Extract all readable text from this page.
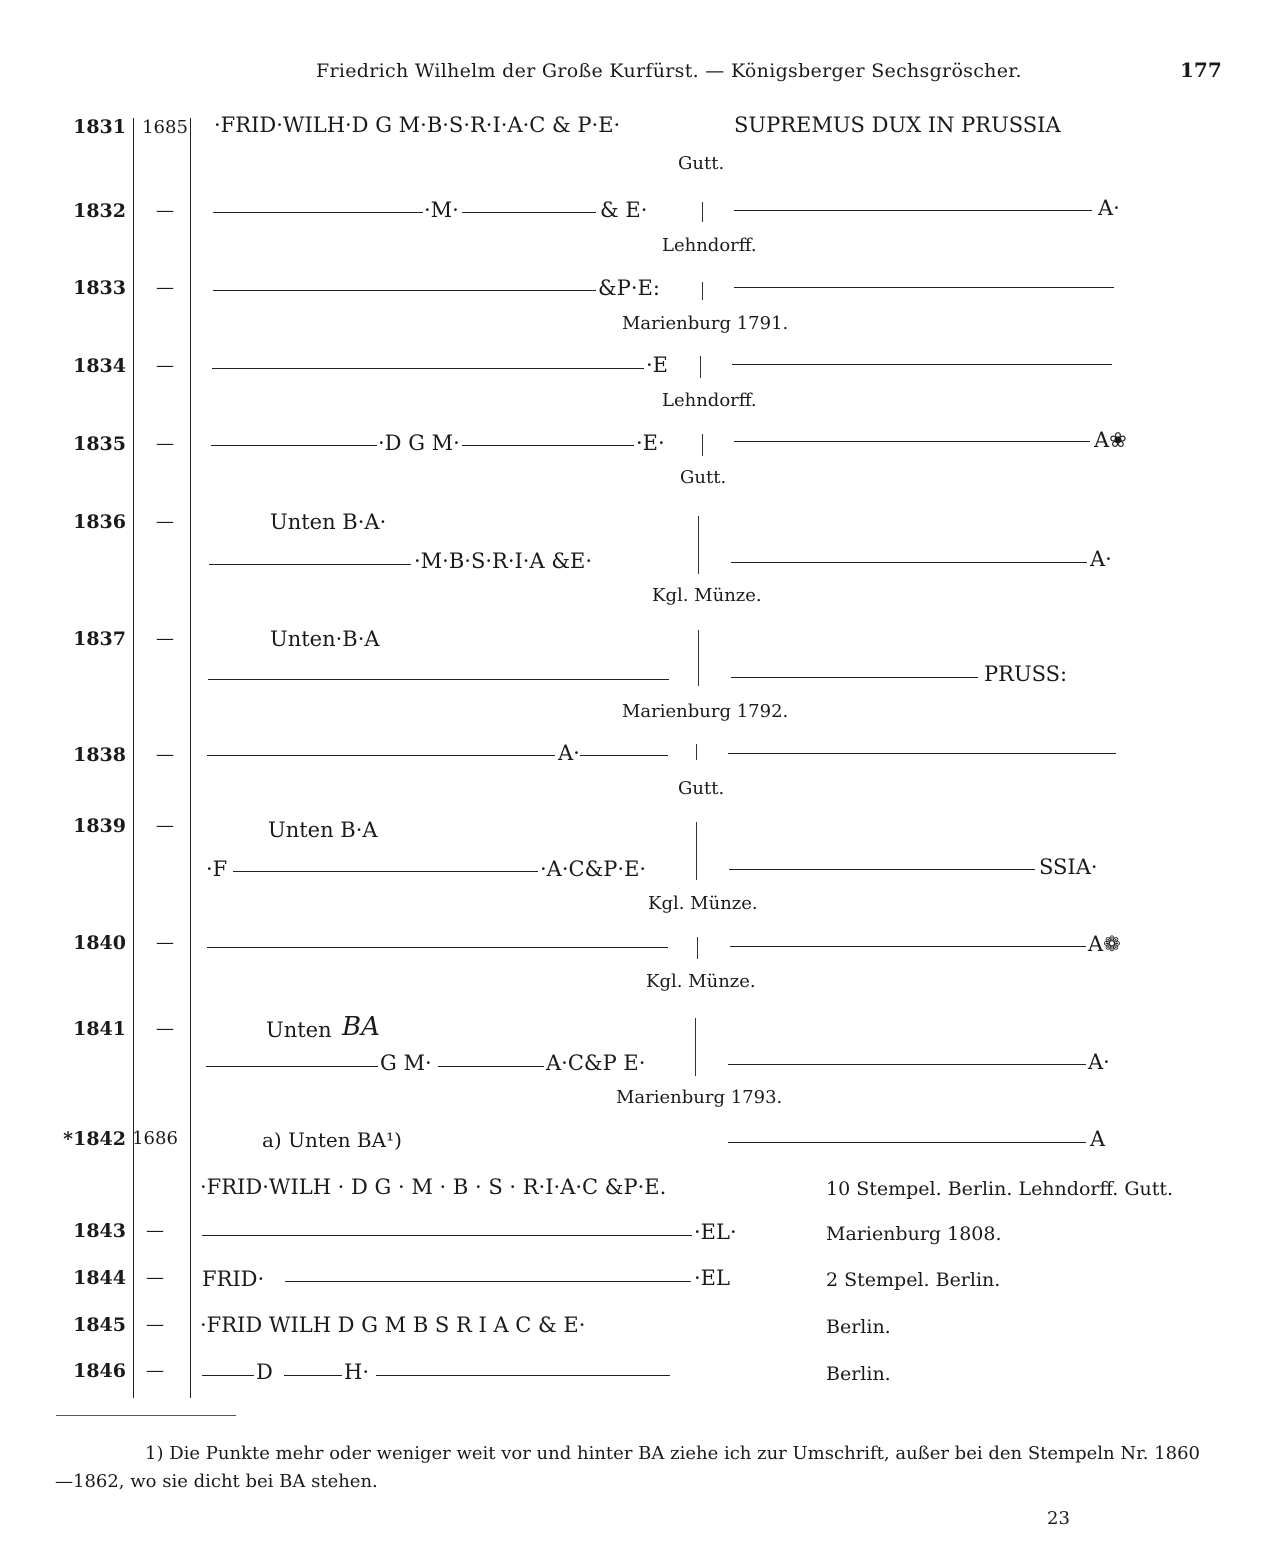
Friedrich Wilhelm der Große Kurfürst. — Königsberger Sechsgröscher.	177
1831 1685 ·FRID·WILH·D G M·B·S·R·I·A·C & P·E·	SUPREMUS DUX IN PRUSSIA
Gutt.
1832	—	·M·	& E·	A·
Lehndorff.
1833	—	&P·E:
Marienburg 1791.
1834	—	·E
Lehndorff.
1835	—	·D G M·	·E·	A❀
Gutt.
1836	—	Unten B·A·
·M·B·S·R·I·A &E·	A·
Kgl. Münze.
1837	—	Unten·B·A
PRUSS:
Marienburg 1792.
1838	—	A·
Gutt.
1839	—	Unten B·A
·F	·A·C&P·E·	SSIA·
Kgl. Münze.
1840	—	A❁
Kgl. Münze.
1841	—	Unten BA
G M·	A·C&P E·	A·
Marienburg 1793.
*1842 1686	a) Unten BA¹)	A
·FRID·WILH · D G · M · B · S · R·I·A·C &P·E.	10 Stempel. Berlin. Lehndorff. Gutt.
1843	—	·EL·	Marienburg 1808.
1844	—	FRID·	·EL	2 Stempel. Berlin.
1845	—	·FRID WILH D G M B S R I A C & E·	Berlin.
1846	—	D	H·	Berlin.
1) Die Punkte mehr oder weniger weit vor und hinter BA ziehe ich zur Umschrift, außer bei den Stempeln Nr. 1860—1862, wo sie dicht bei BA stehen.
23
